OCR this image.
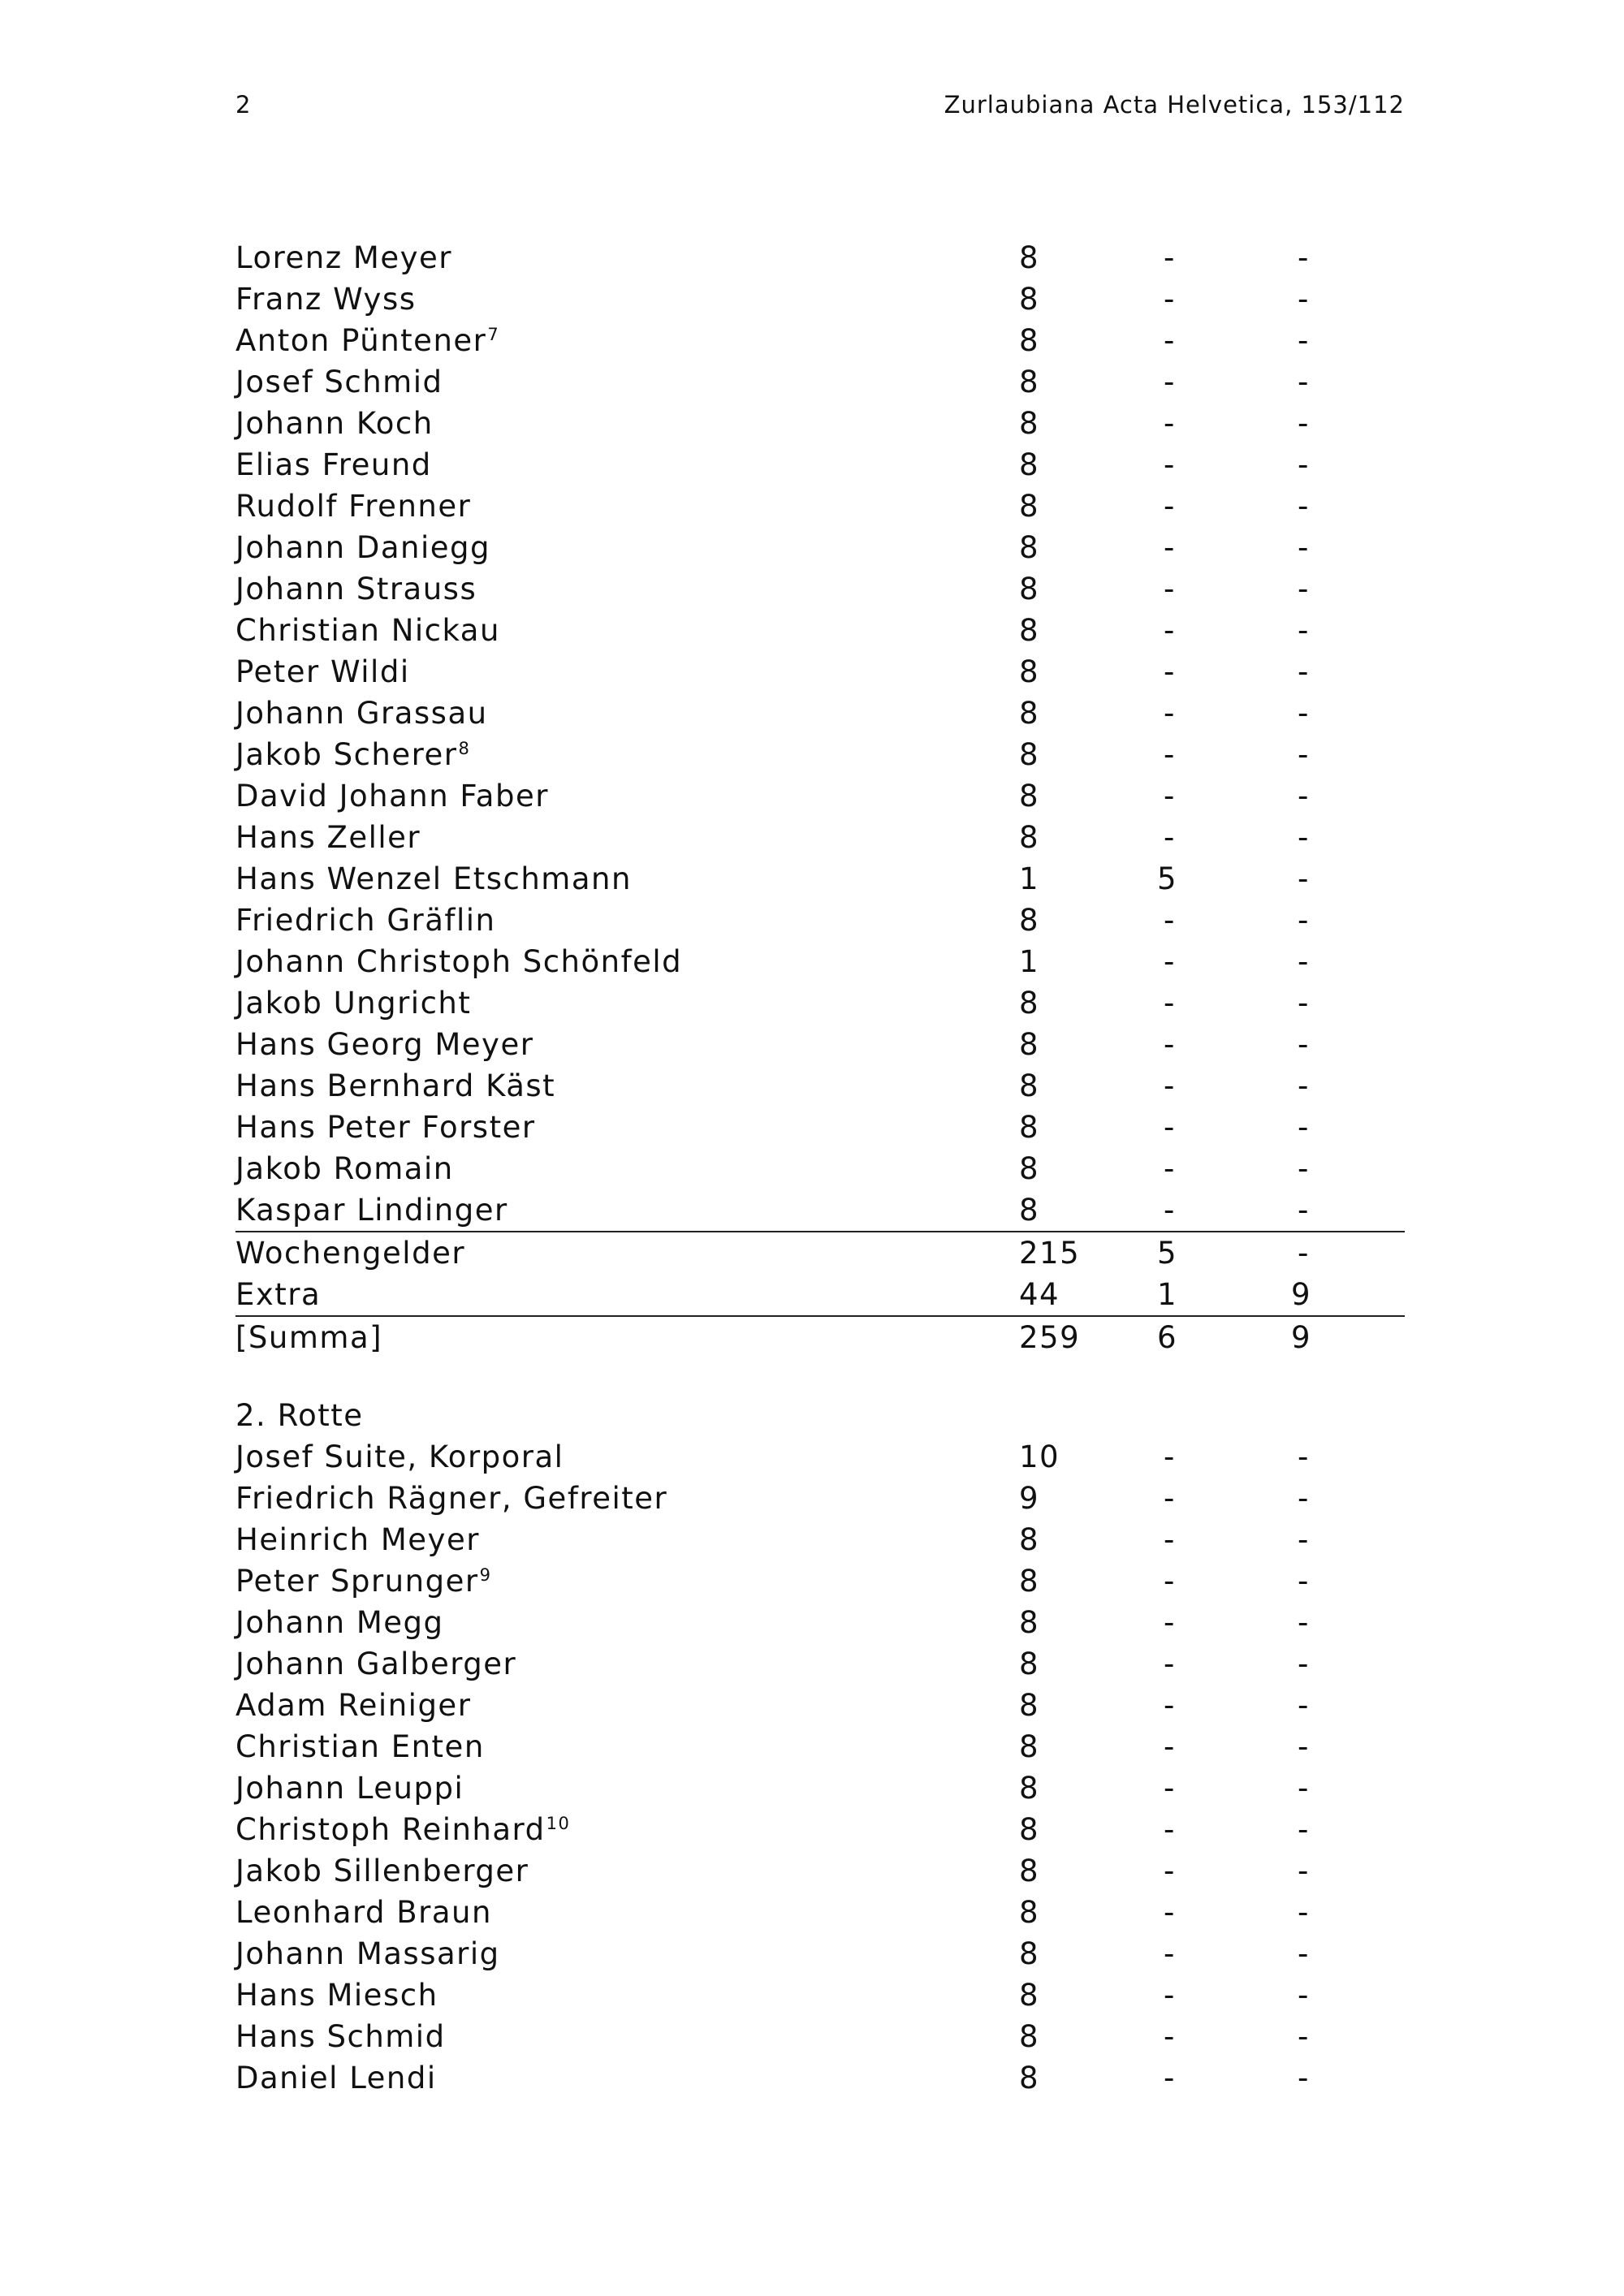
2	Zurlaubiana Acta Helvetica, 153/112
Lorenz Meyer	8	-	-
Franz Wyss	8	-	-
Anton Püntener$^7$	8	-	-
Josef Schmid	8	-	-
Johann Koch	8	-	-
Elias Freund	8	-	-
Rudolf Frenner	8	-	-
Johann Daniegg	8	-	-
Johann Strauss	8	-	-
Christian Nickau	8	-	-
Peter Wildi	8	-	-
Johann Grassau	8	-	-
Jakob Scherer$^8$	8	-	-
David Johann Faber	8	-	-
Hans Zeller	8	-	-
Hans Wenzel Etschmann	1	5	-
Friedrich Gräflin	8	-	-
Johann Christoph Schönfeld	1	-	-
Jakob Ungricht	8	-	-
Hans Georg Meyer	8	-	-
Hans Bernhard Käst	8	-	-
Hans Peter Forster	8	-	-
Jakob Romain	8	-	-
Kaspar Lindinger	8	-	-
Wochengelder	215	5	-
Extra	44	1	9
[Summa]	259	6	9
2. Rotte
Josef Suite, Korporal	10	-	-
Friedrich Rägner, Gefreiter	9	-	-
Heinrich Meyer	8	-	-
Peter Sprunger$^9$	8	-	-
Johann Megg	8	-	-
Johann Galberger	8	-	-
Adam Reiniger	8	-	-
Christian Enten	8	-	-
Johann Leuppi	8	-	-
Christoph Reinhard$^{10}$	8	-	-
Jakob Sillenberger	8	-	-
Leonhard Braun	8	-	-
Johann Massarig	8	-	-
Hans Miesch	8	-	-
Hans Schmid	8	-	-
Daniel Lendi	8	-	-
